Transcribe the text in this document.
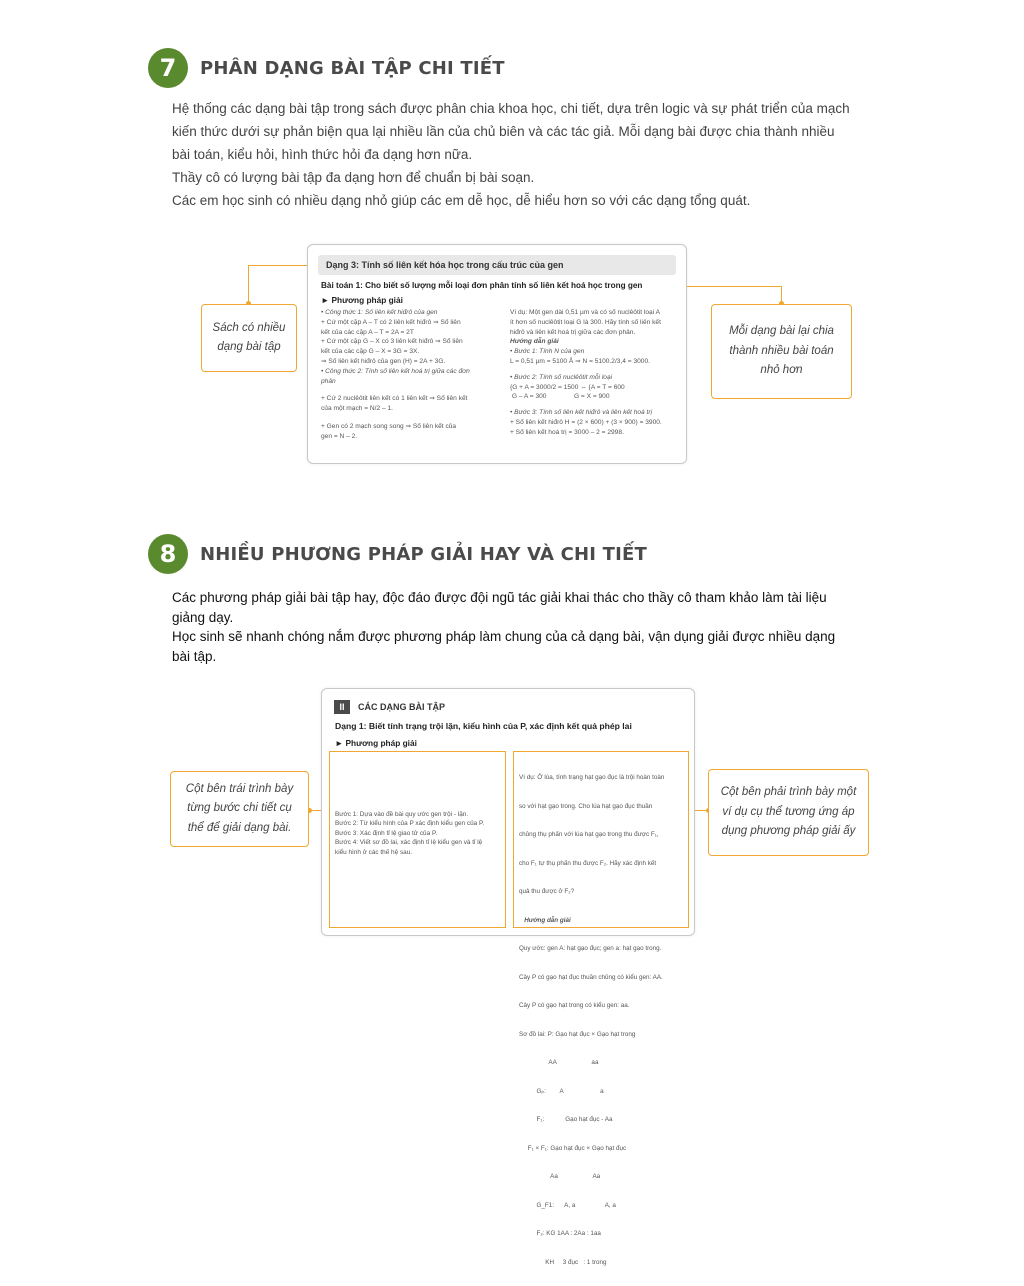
7	PHÂN DẠNG BÀI TẬP CHI TIẾT
Hệ thống các dạng bài tập trong sách được phân chia khoa học, chi tiết, dựa trên logic và sự phát triển của mạch
kiến thức dưới sự phản biện qua lại nhiều lần của chủ biên và các tác giả. Mỗi dạng bài được chia thành nhiều
bài toán, kiểu hỏi, hình thức hỏi đa dạng hơn nữa.
Thầy cô có lượng bài tập đa dạng hơn để chuẩn bị bài soạn.
Các em học sinh có nhiều dạng nhỏ giúp các em dễ học, dễ hiểu hơn so với các dạng tổng quát.
Sách có nhiều
dạng bài tập
Mỗi dạng bài lại chia
thành nhiều bài toán
nhỏ hơn
Dạng 3: Tính số liên kết hóa học trong cấu trúc của gen
Bài toán 1: Cho biết số lượng mỗi loại đơn phân tính số liên kết hoá học trong gen
► Phương pháp giải
• Công thức 1: Số liên kết hiđrô của gen
+ Cứ một cặp A – T có 2 liên kết hiđrô ⇒ Số liên
kết của các cặp A – T = 2A = 2T
+ Cứ một cặp G – X có 3 liên kết hiđrô ⇒ Số liên
kết của các cặp G – X = 3G = 3X.
⇒ Số liên kết hiđrô của gen (H) = 2A + 3G.
• Công thức 2: Tính số liên kết hoá trị giữa các đơn
phân
+ Cứ 2 nuclêôtit liên kết có 1 liên kết ⇒ Số liên kết
của một mạch = N/2 – 1.
+ Gen có 2 mạch song song ⇒ Số liên kết của
gen = N – 2.
Ví dụ: Một gen dài 0,51 µm và có số nuclêôtit loại A
ít hơn số nuclêôtit loại G là 300. Hãy tính số liên kết
hiđrô và liên kết hoá trị giữa các đơn phân.
Hướng dẫn giải
• Bước 1: Tính N của gen
L = 0,51 µm = 5100 Å ⇒ N = 5100.2/3,4 = 3000.
• Bước 2: Tính số nuclêôtit mỗi loại
{G + A = 3000/2 = 1500 ⇔ {A = T = 600
G – A = 300               G = X = 900
• Bước 3: Tính số liên kết hiđrô và liên kết hoá trị
+ Số liên kết hiđrô H = (2 × 600) + (3 × 900) = 3900.
+ Số liên kết hoá trị = 3000 – 2 = 2998.
8	NHIỀU PHƯƠNG PHÁP GIẢI HAY VÀ CHI TIẾT
Các phương pháp giải bài tập hay, độc đáo được đội ngũ tác giải khai thác cho thầy cô tham khảo làm tài liệu
giảng dạy.
Học sinh sẽ nhanh chóng nắm được phương pháp làm chung của cả dạng bài, vận dụng giải được nhiều dạng
bài tập.
Cột bên trái trình bày
từng bước chi tiết cụ
thể để giải dạng bài.
Cột bên phải trình bày một
ví dụ cụ thể tương ứng áp
dụng phương pháp giải ấy
II	CÁC DẠNG BÀI TẬP
Dạng 1: Biết tính trạng trội lặn, kiểu hình của P, xác định kết quả phép lai
► Phương pháp giải
Bước 1: Dựa vào đề bài quy ước gen trội - lặn.
Bước 2: Từ kiểu hình của P xác định kiểu gen của P.
Bước 3: Xác định tỉ lệ giao tử của P.
Bước 4: Viết sơ đồ lai, xác định tỉ lệ kiểu gen và tỉ lệ
kiểu hình ở các thế hệ sau.

Ví dụ: Ở lúa, tính trạng hạt gạo đục là trội hoàn toàn

so với hạt gạo trong. Cho lúa hạt gạo đục thuần

chủng thụ phấn với lúa hạt gạo trong thu được F₁,

cho F₁ tự thụ phấn thu được F₂. Hãy xác định kết

quả thu được ở F₂?

Hướng dẫn giải

Quy ước: gen A: hạt gạo đục; gen a: hạt gạo trong.

Cây P có gạo hạt đục thuần chủng có kiểu gen: AA.

Cây P có gạo hạt trong có kiểu gen: aa.

Sơ đồ lai: P: Gạo hạt đục × Gạo hạt trong

AA                    aa

Gₚ:        A                     a

F₁:            Gạo hạt đục - Aa

F₁ × F₁: Gạo hạt đục × Gạo hạt đục

Aa                    Aa

G_F1:      A, a                 A, a

F₂: KG 1AA : 2Aa : 1aa

KH     3 đục   : 1 trong
